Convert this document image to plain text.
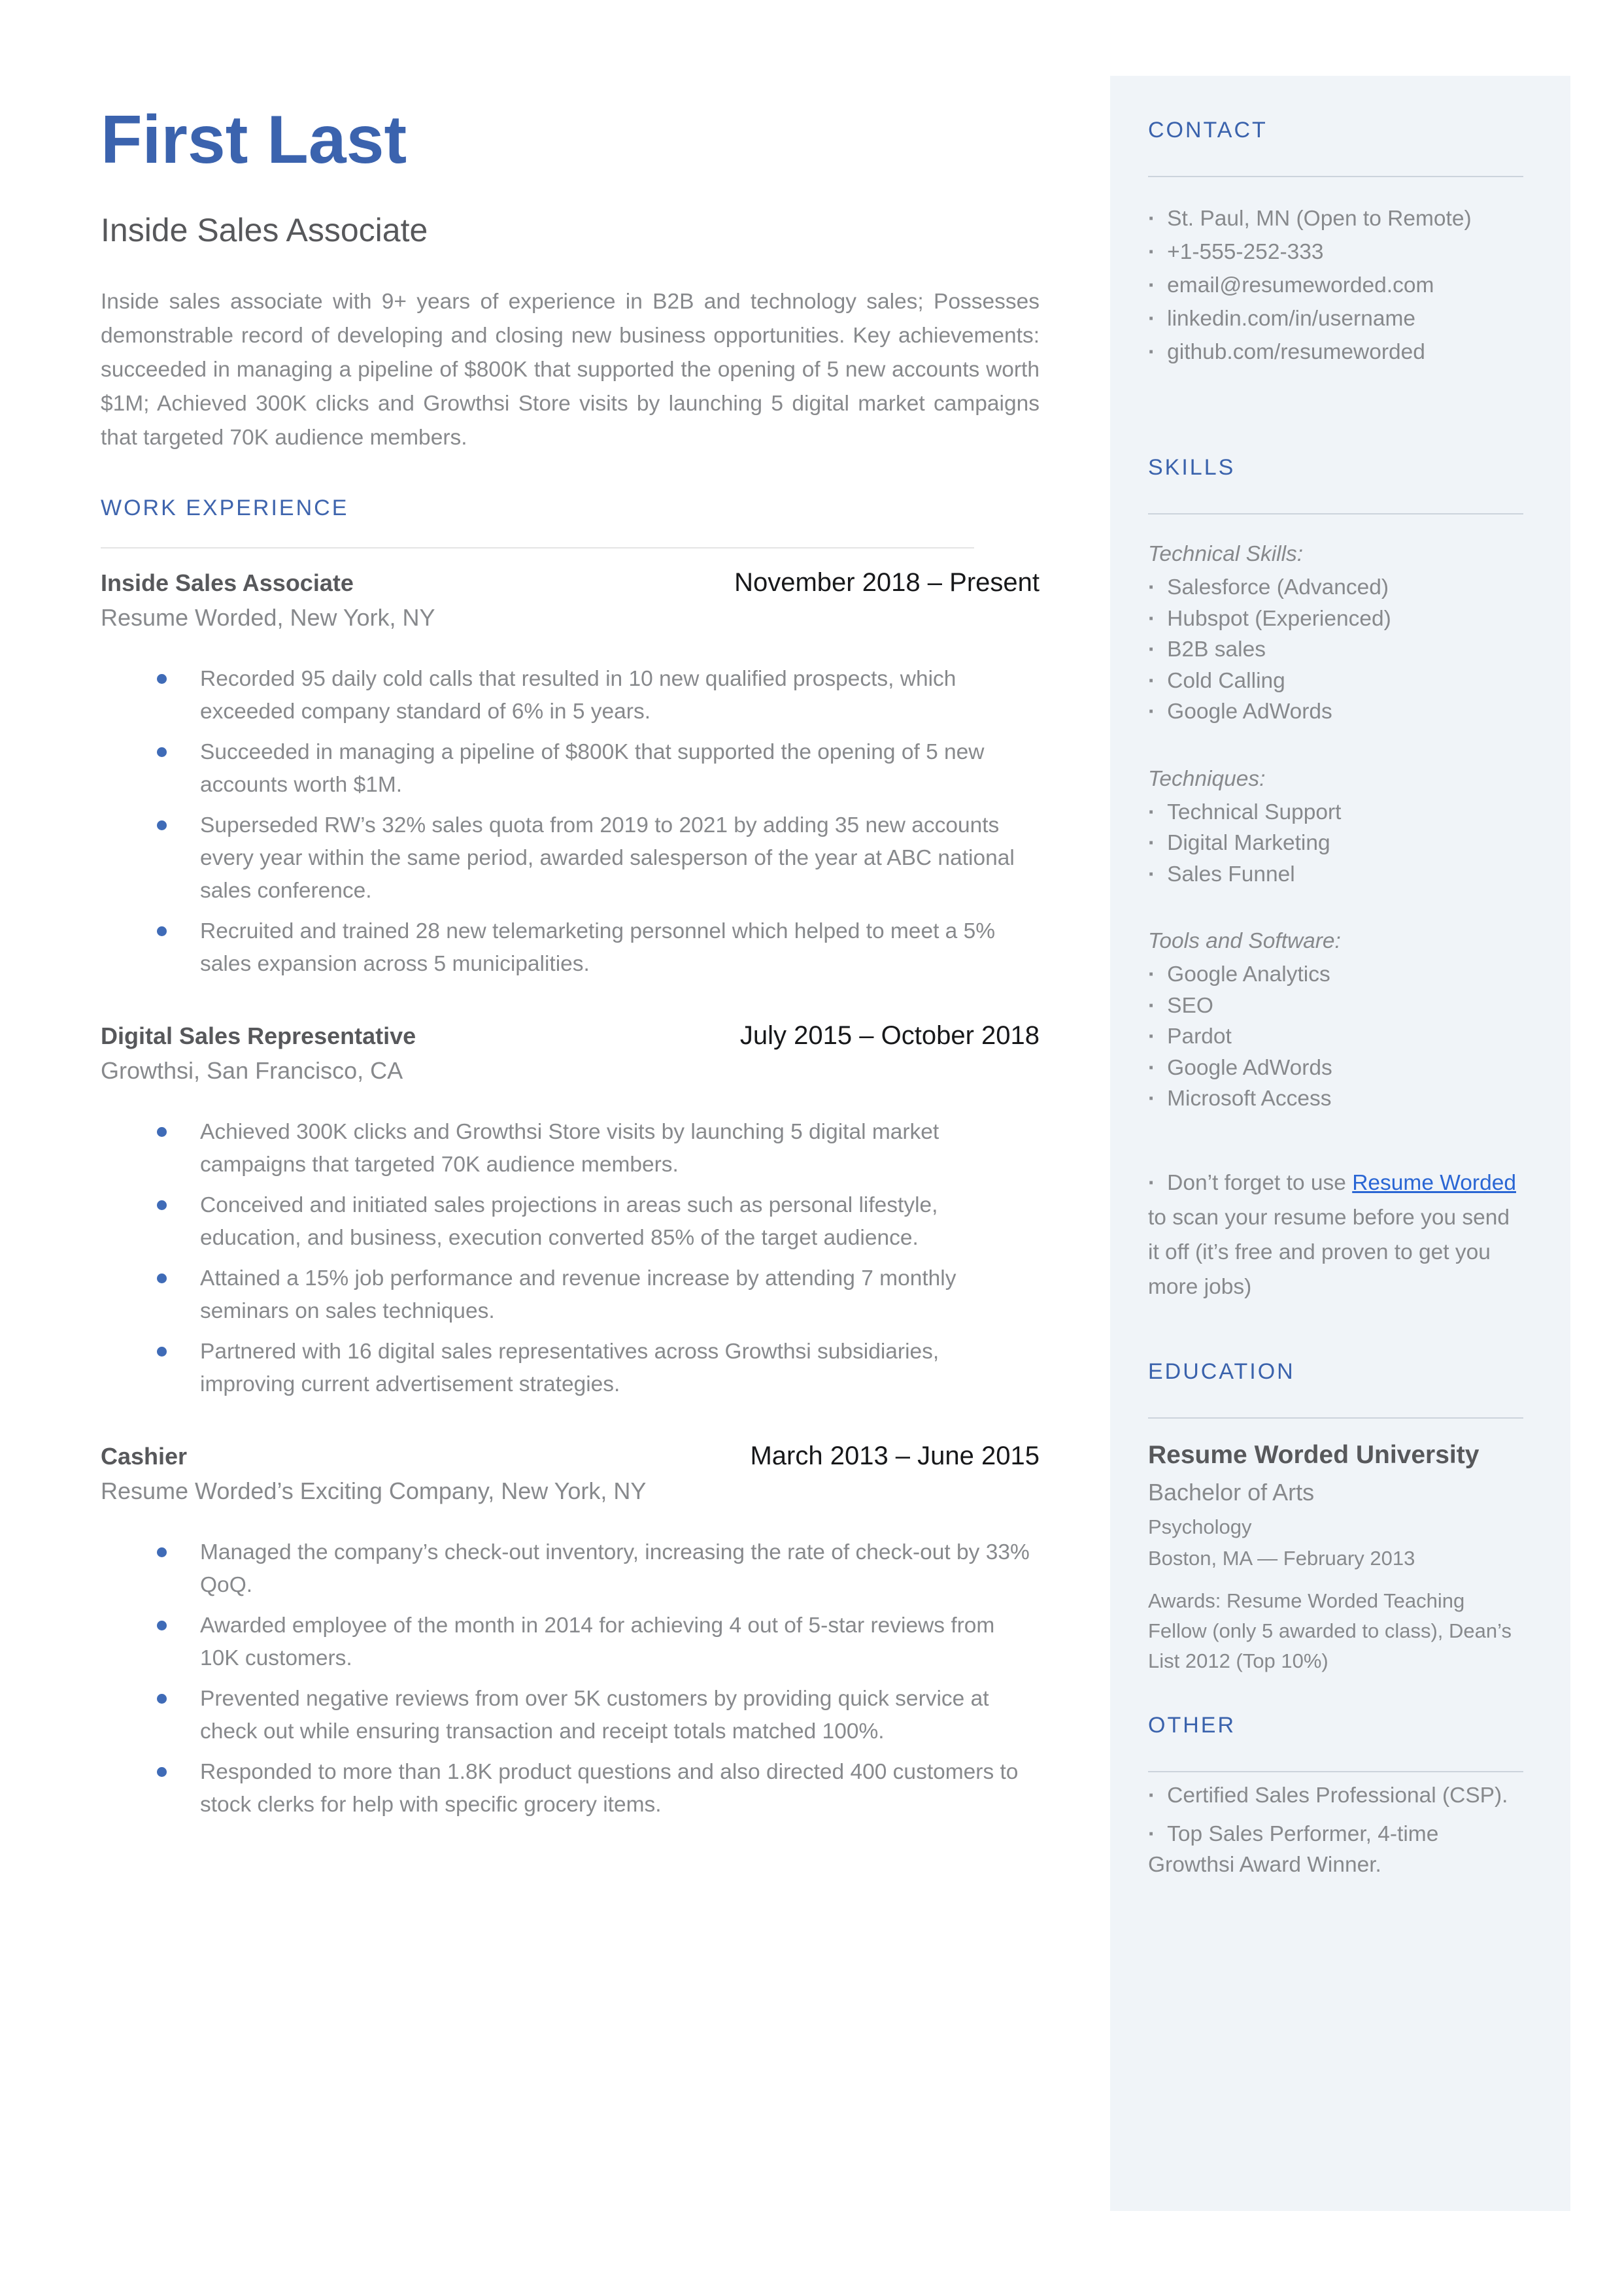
First Last
Inside Sales Associate
Inside sales associate with 9+ years of experience in B2B and technology sales; Possesses demonstrable record of developing and closing new business opportunities. Key achievements: succeeded in managing a pipeline of $800K that supported the opening of 5 new accounts worth $1M; Achieved 300K clicks and Growthsi Store visits by launching 5 digital market campaigns that targeted 70K audience members.
WORK EXPERIENCE
Inside Sales Associate	November 2018 – Present
Resume Worded, New York, NY
Recorded 95 daily cold calls that resulted in 10 new qualified prospects, which exceeded company standard of 6% in 5 years.
Succeeded in managing a pipeline of $800K that supported the opening of 5 new accounts worth $1M.
Superseded RW’s 32% sales quota from 2019 to 2021 by adding 35 new accounts every year within the same period, awarded salesperson of the year at ABC national sales conference.
Recruited and trained 28 new telemarketing personnel which helped to meet a 5% sales expansion across 5 municipalities.
Digital Sales Representative	July 2015 – October 2018
Growthsi, San Francisco, CA
Achieved 300K clicks and Growthsi Store visits by launching 5 digital market campaigns that targeted 70K audience members.
Conceived and initiated sales projections in areas such as personal lifestyle, education, and business, execution converted 85% of the target audience.
Attained a 15% job performance and revenue increase by attending 7 monthly seminars on sales techniques.
Partnered with 16 digital sales representatives across Growthsi subsidiaries, improving current advertisement strategies.
Cashier	March 2013 – June 2015
Resume Worded’s Exciting Company, New York, NY
Managed the company’s check-out inventory, increasing the rate of check-out by 33% QoQ.
Awarded employee of the month in 2014 for achieving 4 out of 5-star reviews from 10K customers.
Prevented negative reviews from over 5K customers by providing quick service at check out while ensuring transaction and receipt totals matched 100%.
Responded to more than 1.8K product questions and also directed 400 customers to stock clerks for help with specific grocery items.
CONTACT
· St. Paul, MN (Open to Remote)
· +1-555-252-333
· email@resumeworded.com
· linkedin.com/in/username
· github.com/resumeworded
SKILLS
Technical Skills:
· Salesforce (Advanced)
· Hubspot (Experienced)
· B2B sales
· Cold Calling
· Google AdWords
Techniques:
· Technical Support
· Digital Marketing
· Sales Funnel
Tools and Software:
· Google Analytics
· SEO
· Pardot
· Google AdWords
· Microsoft Access
· Don’t forget to use Resume Worded to scan your resume before you send it off (it’s free and proven to get you more jobs)
EDUCATION
Resume Worded University
Bachelor of Arts
Psychology
Boston, MA — February 2013
Awards: Resume Worded Teaching Fellow (only 5 awarded to class), Dean’s List 2012 (Top 10%)
OTHER
· Certified Sales Professional (CSP).
· Top Sales Performer, 4-time Growthsi Award Winner.
